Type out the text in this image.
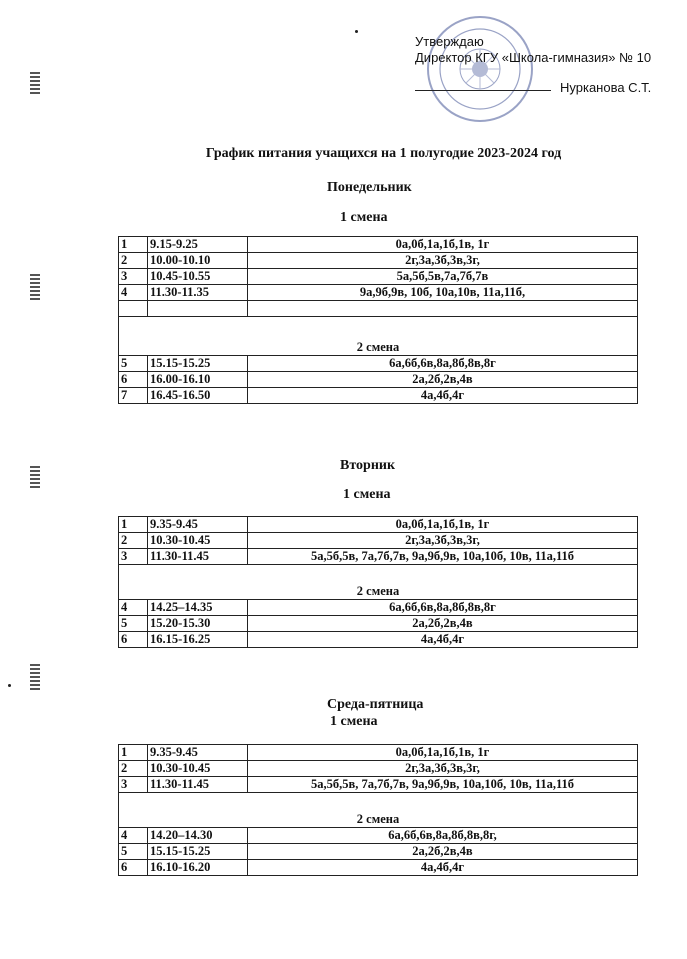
Утверждаю
Директор КГУ «Школа-гимназия» № 10
Нурканова С.Т.
График питания учащихся на 1 полугодие 2023-2024 год
Понедельник
1 смена
1	9.15-9.25	0а,0б,1а,1б,1в, 1г
2	10.00-10.10	2г,3а,3б,3в,3г,
3	10.45-10.55	5а,5б,5в,7а,7б,7в
4	11.30-11.35	9а,9б,9в, 10б, 10а,10в, 11а,11б,

2 смена		
5	15.15-15.25	6а,6б,6в,8а,8б,8в,8г
6	16.00-16.10	2а,2б,2в,4в
7	16.45-16.50	4а,4б,4г
Вторник
1 смена
1	9.35-9.45	0а,0б,1а,1б,1в, 1г
2	10.30-10.45	2г,3а,3б,3в,3г,
3	11.30-11.45	5а,5б,5в, 7а,7б,7в, 9а,9б,9в, 10а,10б, 10в, 11а,11б
2 смена		
4	14.25–14.35	6а,6б,6в,8а,8б,8в,8г
5	15.20-15.30	2а,2б,2в,4в
6	16.15-16.25	4а,4б,4г
Среда-пятница
1 смена
1	9.35-9.45	0а,0б,1а,1б,1в, 1г
2	10.30-10.45	2г,3а,3б,3в,3г,
3	11.30-11.45	5а,5б,5в, 7а,7б,7в, 9а,9б,9в, 10а,10б, 10в, 11а,11б
2 смена		
4	14.20–14.30	6а,6б,6в,8а,8б,8в,8г,
5	15.15-15.25	2а,2б,2в,4в
6	16.10-16.20	4а,4б,4г
